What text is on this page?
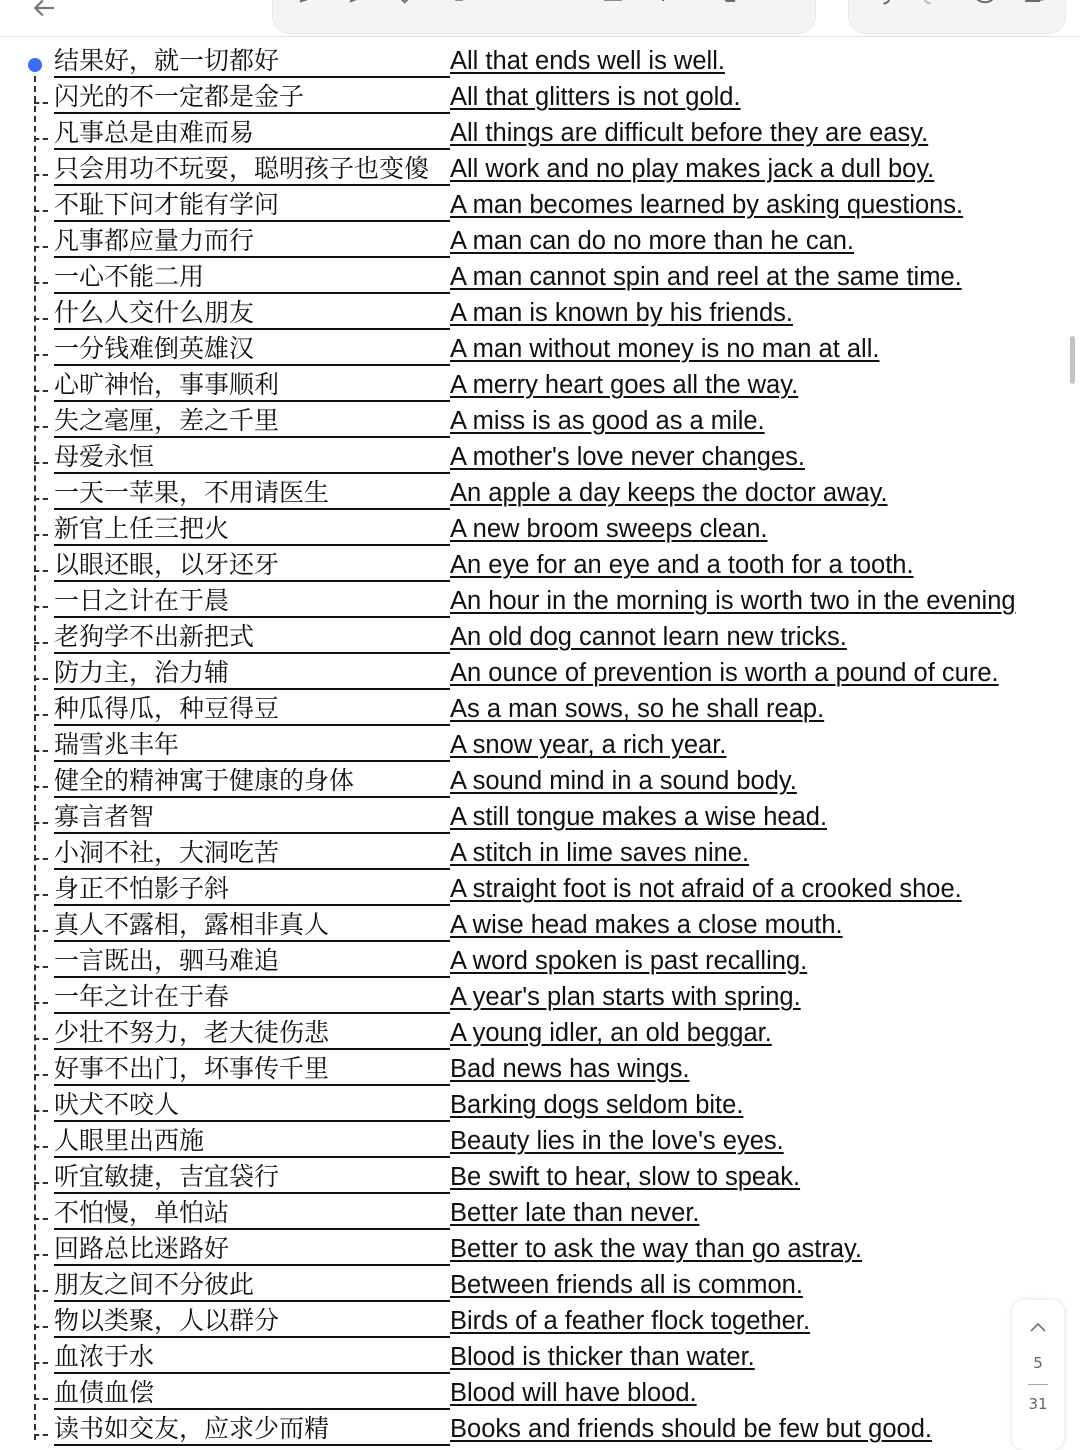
结果好，就一切都好	All that ends well is well.
闪光的不一定都是金子	All that glitters is not gold.
凡事总是由难而易	All things are difficult before they are easy.
只会用功不玩耍，聪明孩子也变傻 All work and no play makes jack a dull boy.
不耻下问才能有学问	A man becomes learned by asking questions.
凡事都应量力而行	A man can do no more than he can.
一心不能二用	A man cannot spin and reel at the same time.
什么人交什么朋友	A man is known by his friends.
一分钱难倒英雄汉	A man without money is no man at all.
心旷神怡，事事顺利	A merry heart goes all the way.
失之毫厘，差之千里	A miss is as good as a mile.
母爱永恒	A mother's love never changes.
一天一苹果，不用请医生	An apple a day keeps the doctor away.
新官上任三把火	A new broom sweeps clean.
以眼还眼，以牙还牙	An eye for an eye and a tooth for a tooth.
一日之计在于晨	An hour in the morning is worth two in the evening
老狗学不出新把式	An old dog cannot learn new tricks.
防力主，治力辅	An ounce of prevention is worth a pound of cure.
种瓜得瓜，种豆得豆	As a man sows, so he shall reap.
瑞雪兆丰年	A snow year, a rich year.
健全的精神寓于健康的身体	A sound mind in a sound body.
寡言者智	A still tongue makes a wise head.
小洞不社，大洞吃苦	A stitch in lime saves nine.
身正不怕影子斜	A straight foot is not afraid of a crooked shoe.
真人不露相，露相非真人	A wise head makes a close mouth.
一言既出，驷马难追	A word spoken is past recalling.
一年之计在于春	A year's plan starts with spring.
少壮不努力，老大徒伤悲	A young idler, an old beggar.
好事不出门，坏事传千里	Bad news has wings.
吠犬不咬人	Barking dogs seldom bite.
人眼里出西施	Beauty lies in the love's eyes.
听宜敏捷，吉宜袋行	Be swift to hear, slow to speak.
不怕慢，单怕站	Better late than never.
回路总比迷路好	Better to ask the way than go astray.
朋友之间不分彼此	Between friends all is common.
物以类聚，人以群分	Birds of a feather flock together.
血浓于水	Blood is thicker than water.
血债血偿	Blood will have blood.
读书如交友，应求少而精	Books and friends should be few but good.
5
31
